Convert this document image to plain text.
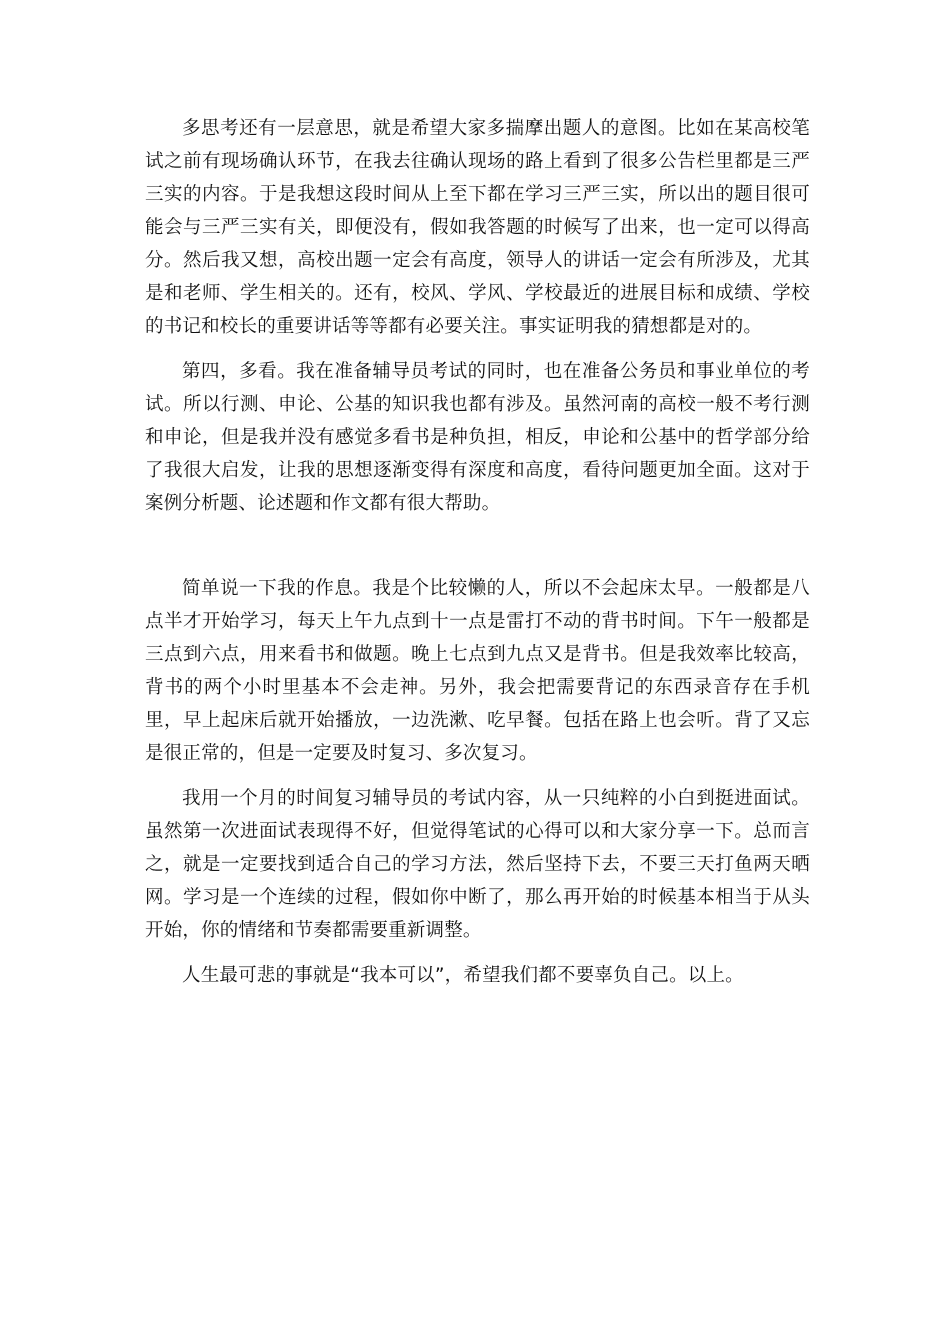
多思考还有一层意思，就是希望大家多揣摩出题人的意图。比如在某高校笔试之前有现场确认环节，在我去往确认现场的路上看到了很多公告栏里都是三严三实的内容。于是我想这段时间从上至下都在学习三严三实，所以出的题目很可能会与三严三实有关，即便没有，假如我答题的时候写了出来，也一定可以得高分。然后我又想，高校出题一定会有高度，领导人的讲话一定会有所涉及，尤其是和老师、学生相关的。还有，校风、学风、学校最近的进展目标和成绩、学校的书记和校长的重要讲话等等都有必要关注。事实证明我的猜想都是对的。

第四，多看。我在准备辅导员考试的同时，也在准备公务员和事业单位的考试。所以行测、申论、公基的知识我也都有涉及。虽然河南的高校一般不考行测和申论，但是我并没有感觉多看书是种负担，相反，申论和公基中的哲学部分给了我很大启发，让我的思想逐渐变得有深度和高度，看待问题更加全面。这对于案例分析题、论述题和作文都有很大帮助。

简单说一下我的作息。我是个比较懒的人，所以不会起床太早。一般都是八点半才开始学习，每天上午九点到十一点是雷打不动的背书时间。下午一般都是三点到六点，用来看书和做题。晚上七点到九点又是背书。但是我效率比较高，背书的两个小时里基本不会走神。另外，我会把需要背记的东西录音存在手机里，早上起床后就开始播放，一边洗漱、吃早餐。包括在路上也会听。背了又忘是很正常的，但是一定要及时复习、多次复习。

我用一个月的时间复习辅导员的考试内容，从一只纯粹的小白到挺进面试。虽然第一次进面试表现得不好，但觉得笔试的心得可以和大家分享一下。总而言之，就是一定要找到适合自己的学习方法，然后坚持下去，不要三天打鱼两天晒网。学习是一个连续的过程，假如你中断了，那么再开始的时候基本相当于从头开始，你的情绪和节奏都需要重新调整。

人生最可悲的事就是“我本可以”，希望我们都不要辜负自己。以上。
